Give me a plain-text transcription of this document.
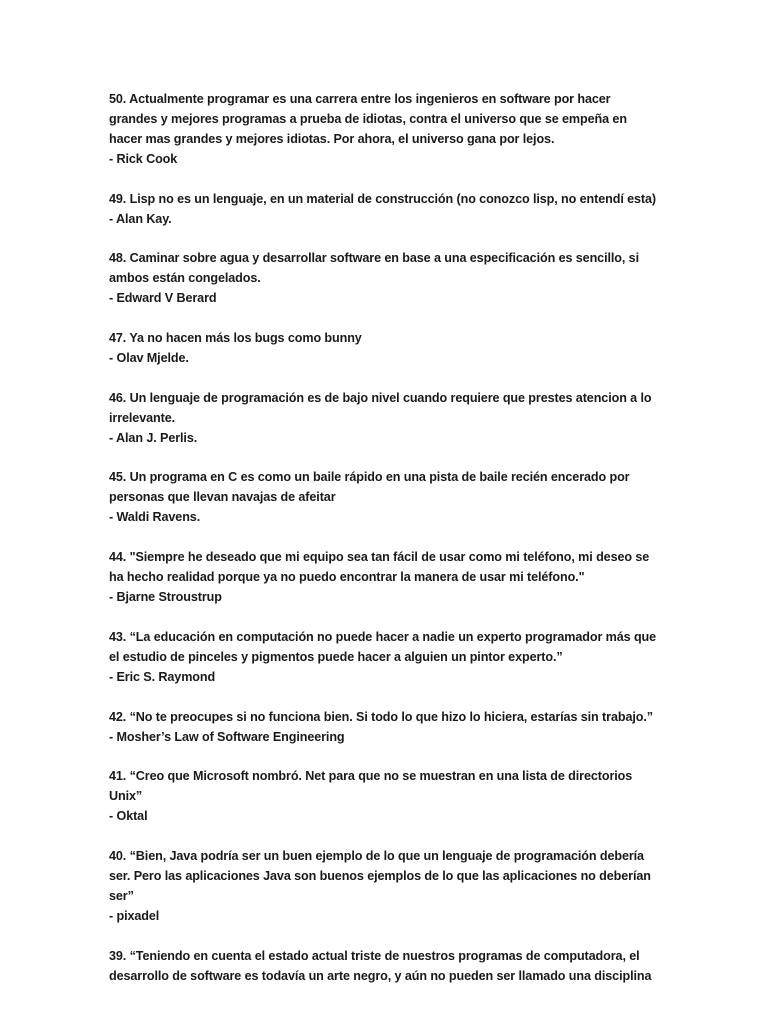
50. Actualmente programar es una carrera entre los ingenieros en software por hacer
grandes y mejores programas a prueba de idiotas, contra el universo que se empeña en
hacer mas grandes y mejores idiotas. Por ahora, el universo gana por lejos.
- Rick Cook
49. Lisp no es un lenguaje, en un material de construcción (no conozco lisp, no entendí esta)
- Alan Kay.
48. Caminar sobre agua y desarrollar software en base a una especificación es sencillo, si
ambos están congelados.
- Edward V Berard
47. Ya no hacen más los bugs como bunny
- Olav Mjelde.
46. Un lenguaje de programación es de bajo nivel cuando requiere que prestes atencion a lo
irrelevante.
- Alan J. Perlis.
45. Un programa en C es como un baile rápido en una pista de baile recién encerado por
personas que llevan navajas de afeitar
- Waldi Ravens.
44. "Siempre he deseado que mi equipo sea tan fácil de usar como mi teléfono, mi deseo se
ha hecho realidad porque ya no puedo encontrar la manera de usar mi teléfono."
- Bjarne Stroustrup
43. “La educación en computación no puede hacer a nadie un experto programador más que
el estudio de pinceles y pigmentos puede hacer a alguien un pintor experto.”
- Eric S. Raymond
42. “No te preocupes si no funciona bien. Si todo lo que hizo lo hiciera, estarías sin trabajo.”
- Mosher’s Law of Software Engineering
41. “Creo que Microsoft nombró. Net para que no se muestran en una lista de directorios
Unix”
- Oktal
40. “Bien, Java podría ser un buen ejemplo de lo que un lenguaje de programación debería
ser. Pero las aplicaciones Java son buenos ejemplos de lo que las aplicaciones no deberían
ser”
- pixadel
39. “Teniendo en cuenta el estado actual triste de nuestros programas de computadora, el
desarrollo de software es todavía un arte negro, y aún no pueden ser llamado una disciplina
